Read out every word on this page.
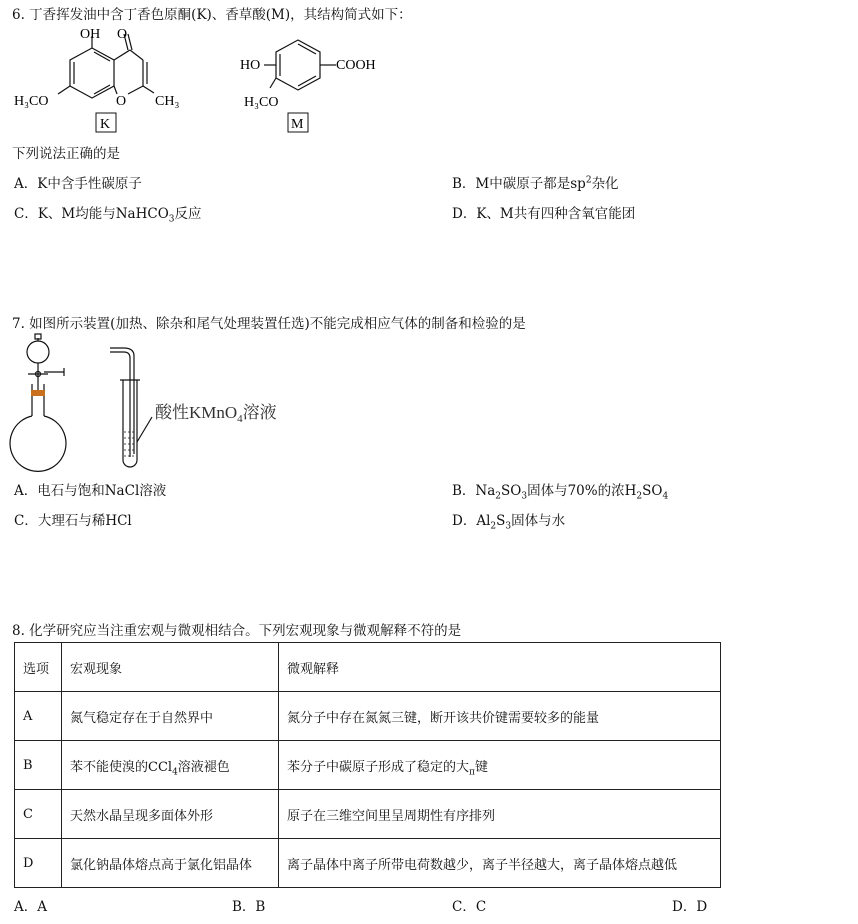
6. 丁香挥发油中含丁香色原酮(K)、香草酸(M)，其结构简式如下：
OH O
H₃CO	O CH₃
K
HO	COOH
H₃CO
M
下列说法正确的是
A．K中含手性碳原子	B．M中碳原子都是$sp^2$杂化
C．K、M均能与NaHCO$_3$反应	D．K、M共有四种含氧官能团
7. 如图所示装置(加热、除杂和尾气处理装置任选)不能完成相应气体的制备和检验的是
酸性KMnO$_4$溶液
A．电石与饱和NaCl溶液	B．$Na_2SO_3$固体与70%的浓$H_2SO_4$
C．大理石与稀HCl	D．$Al_2S_3$固体与水
8. 化学研究应当注重宏观与微观相结合。下列宏观现象与微观解释不符的是
选项	宏观现象	微观解释
A	氮气稳定存在于自然界中	氮分子中存在氮氮三键，断开该共价键需要较多的能量
B	苯不能使溴的CCl$_4$溶液褪色	苯分子中碳原子形成了稳定的大$_\pi$键
C	天然水晶呈现多面体外形	原子在三维空间里呈周期性有序排列
D	氯化钠晶体熔点高于氯化铝晶体	离子晶体中离子所带电荷数越少，离子半径越大，离子晶体熔点越低
A．A	B．B	C．C	D．D
